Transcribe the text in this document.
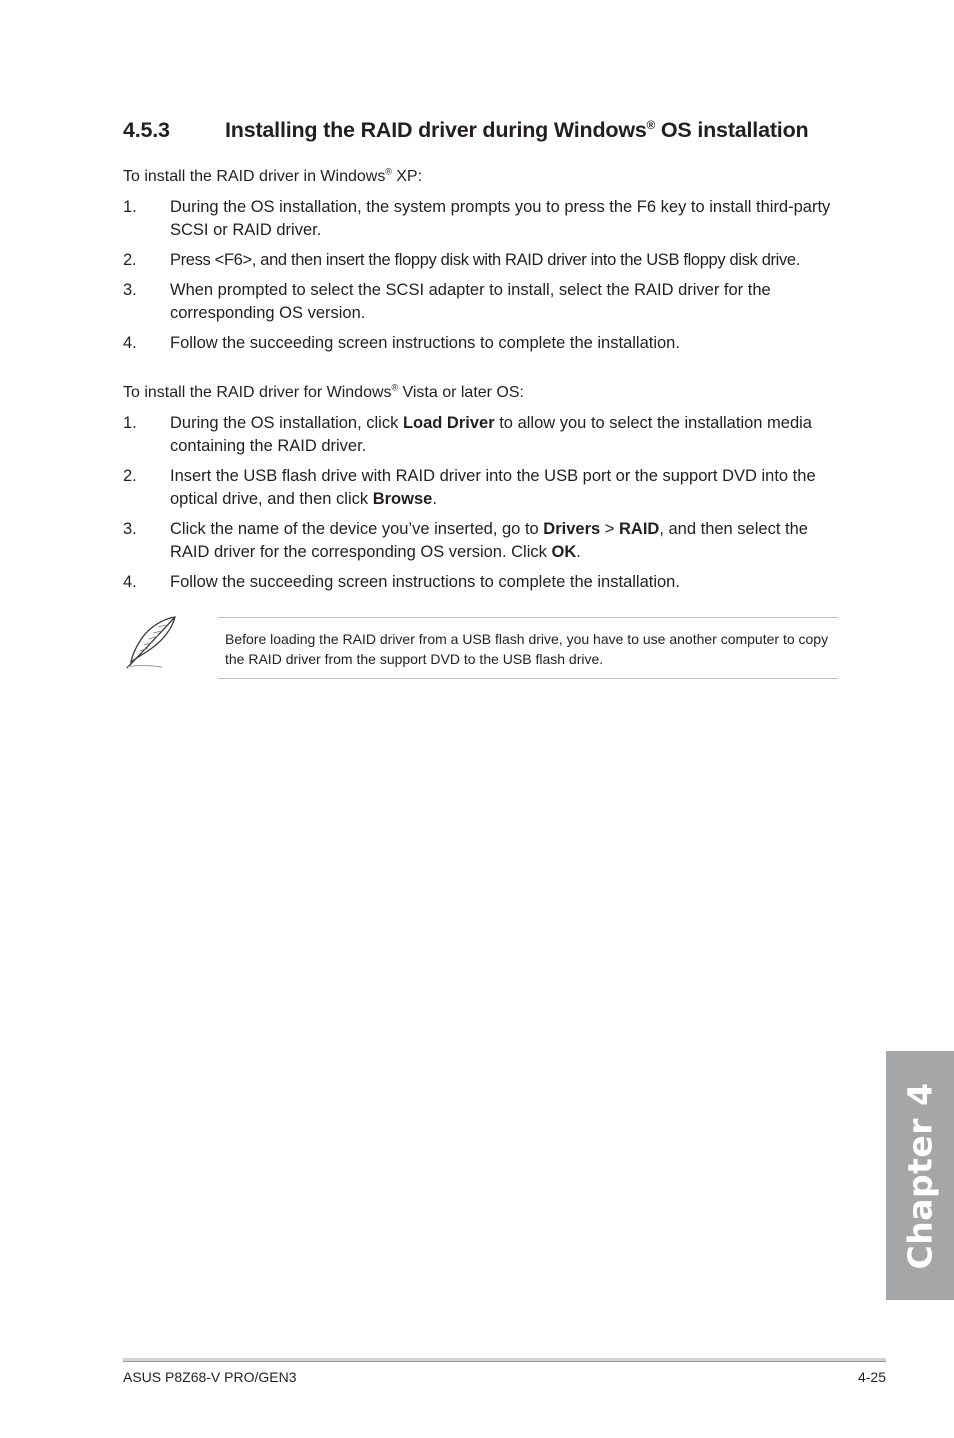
4.5.3	Installing the RAID driver during Windows® OS installation
To install the RAID driver in Windows® XP:
1. During the OS installation, the system prompts you to press the F6 key to install third-party SCSI or RAID driver.
2. Press <F6>, and then insert the floppy disk with RAID driver into the USB floppy disk drive.
3. When prompted to select the SCSI adapter to install, select the RAID driver for the corresponding OS version.
4. Follow the succeeding screen instructions to complete the installation.
To install the RAID driver for Windows® Vista or later OS:
1. During the OS installation, click Load Driver to allow you to select the installation media containing the RAID driver.
2. Insert the USB flash drive with RAID driver into the USB port or the support DVD into the optical drive, and then click Browse.
3. Click the name of the device you’ve inserted, go to Drivers > RAID, and then select the RAID driver for the corresponding OS version. Click OK.
4. Follow the succeeding screen instructions to complete the installation.
Before loading the RAID driver from a USB flash drive, you have to use another computer to copy the RAID driver from the support DVD to the USB flash drive.
Chapter 4
ASUS P8Z68-V PRO/GEN3	4-25
